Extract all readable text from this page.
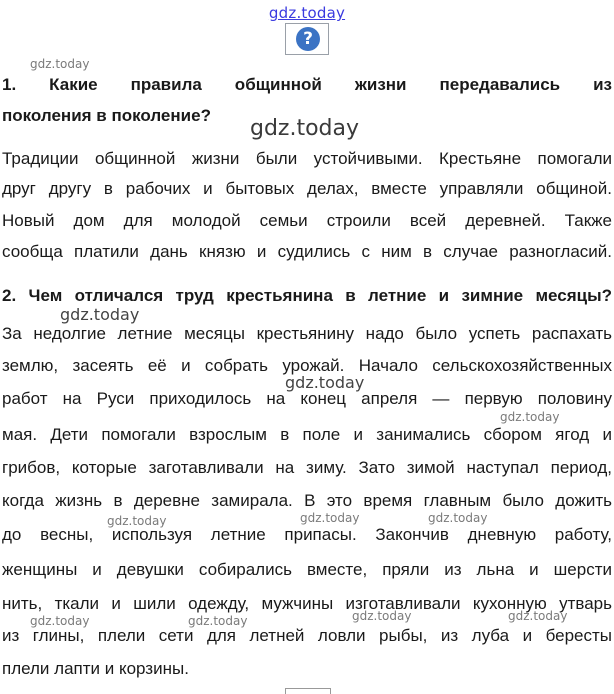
gdz.today
?
gdz.today
1. Какие правила общинной жизни передавались из
поколения в поколение?
gdz.today
Традиции общинной жизни были устойчивыми. Крестьяне помогали
друг другу в рабочих и бытовых делах, вместе управляли общиной.
Новый дом для молодой семьи строили всей деревней. Также
сообща платили дань князю и судились с ним в случае разногласий.
2. Чем отличался труд крестьянина в летние и зимние месяцы?
gdz.today
За недолгие летние месяцы крестьянину надо было успеть распахать
землю, засеять её и собрать урожай. Начало сельскохозяйственных
gdz.today
работ на Руси приходилось на конец апреля — первую половину
gdz.today
мая. Дети помогали взрослым в поле и занимались сбором ягод и
грибов, которые заготавливали на зиму. Зато зимой наступал период,
когда жизнь в деревне замирала. В это время главным было дожить
gdz.today	gdz.today
gdz.today
до весны, используя летние припасы. Закончив дневную работу,
женщины и девушки собирались вместе, пряли из льна и шерсти
нить, ткали и шили одежду, мужчины изготавливали кухонную утварь
gdz.today	gdz.today
gdz.today	gdz.today
из глины, плели сети для летней ловли рыбы, из луба и бересты
плели лапти и корзины.
